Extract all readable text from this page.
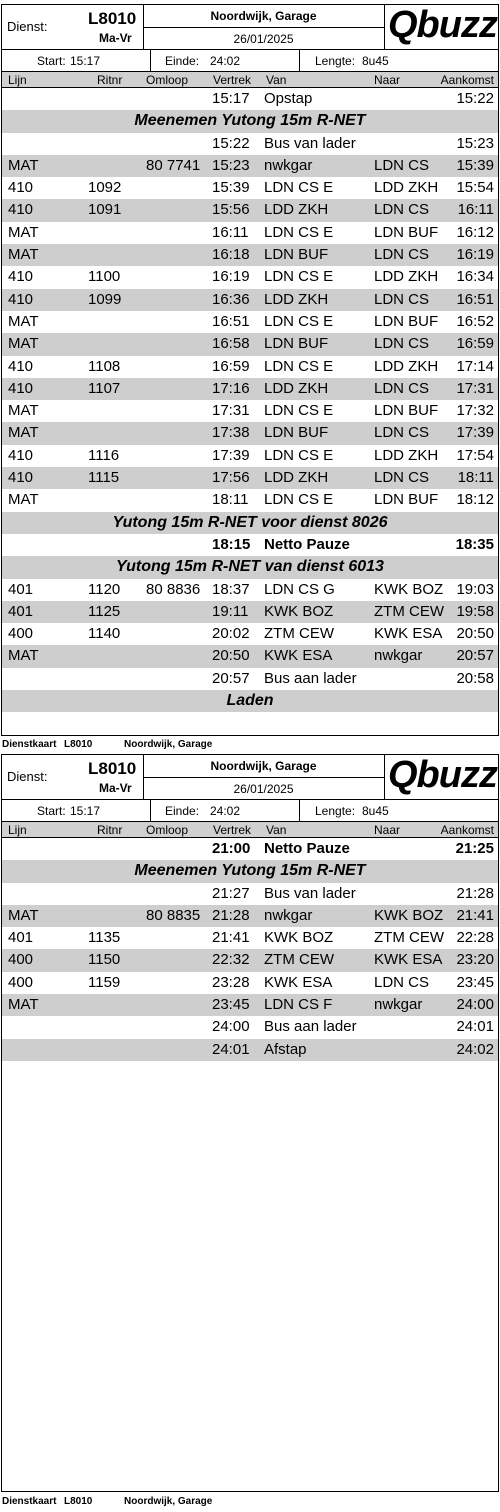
Dienst: L8010
Ma-Vr
Noordwijk, Garage
26/01/2025	Qbuzz
Start: 15:17	Einde: 24:02	Lengte: 8u45
Lijn	Ritnr Omloop Vertrek Van	Naar	Aankomst
15:17 Opstap	15:22
Meenemen Yutong 15m R-NET
15:22 Bus van lader	15:23
MAT	80 7741 15:23 nwkgar	LDN CS 15:39
410	1092	15:39 LDN CS E	LDD ZKH 15:54
410	1091	15:56 LDD ZKH	LDN CS 16:11
MAT	16:11 LDN CS E	LDN BUF 16:12
MAT	16:18 LDN BUF	LDN CS 16:19
410	1100	16:19 LDN CS E	LDD ZKH 16:34
410	1099	16:36 LDD ZKH	LDN CS 16:51
MAT	16:51 LDN CS E	LDN BUF 16:52
MAT	16:58 LDN BUF	LDN CS 16:59
410	1108	16:59 LDN CS E	LDD ZKH 17:14
410	1107	17:16 LDD ZKH	LDN CS 17:31
MAT	17:31 LDN CS E	LDN BUF 17:32
MAT	17:38 LDN BUF	LDN CS 17:39
410	1116	17:39 LDN CS E	LDD ZKH 17:54
410	1115	17:56 LDD ZKH	LDN CS 18:11
MAT	18:11 LDN CS E	LDN BUF 18:12
Yutong 15m R-NET voor dienst 8026
18:15 Netto Pauze	18:35
Yutong 15m R-NET van dienst 6013
401	1120 80 8836 18:37 LDN CS G	KWK BOZ 19:03
401	1125	19:11 KWK BOZ	ZTM CEW 19:58
400	1140	20:02 ZTM CEW	KWK ESA 20:50
MAT	20:50 KWK ESA	nwkgar 20:57
20:57 Bus aan lader	20:58
Laden
Dienstkaart L8010	Noordwijk, Garage
Dienst: L8010
Ma-Vr
Noordwijk, Garage
26/01/2025	Qbuzz
Start: 15:17	Einde: 24:02	Lengte: 8u45
Lijn	Ritnr Omloop Vertrek Van	Naar	Aankomst
21:00 Netto Pauze	21:25
Meenemen Yutong 15m R-NET
21:27 Bus van lader	21:28
MAT	80 8835 21:28 nwkgar	KWK BOZ 21:41
401	1135	21:41 KWK BOZ	ZTM CEW 22:28
400	1150	22:32 ZTM CEW	KWK ESA 23:20
400	1159	23:28 KWK ESA	LDN CS 23:45
MAT	23:45 LDN CS F	nwkgar 24:00
24:00 Bus aan lader	24:01
24:01 Afstap	24:02
Dienstkaart L8010	Noordwijk, Garage
